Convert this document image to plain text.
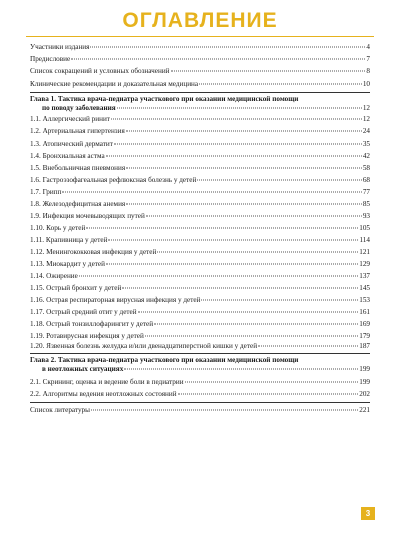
ОГЛАВЛЕНИЕ
Участники издания	4
Предисловие	7
Список сокращений и условных обозначений	8
Клинические рекомендации и доказательная медицина	10
Глава 1. Тактика врача-педиатра участкового при оказании медицинской помощи
по поводу заболевания	12
1.1. Аллергический ринит	12
1.2. Артериальная гипертензия	24
1.3. Атопический дерматит	35
1.4. Бронхиальная астма	42
1.5. Внебольничная пневмония	58
1.6. Гастроэзофагеальная рефлюксная болезнь у детей	68
1.7. Грипп	77
1.8. Железодефицитная анемия	85
1.9. Инфекция мочевыводящих путей	93
1.10. Корь у детей	105
1.11. Крапивница у детей	114
1.12. Менингококковая инфекция у детей	121
1.13. Миокардит у детей	129
1.14. Ожирение	137
1.15. Острый бронхит у детей	145
1.16. Острая респираторная вирусная инфекция у детей	153
1.17. Острый средний отит у детей	161
1.18. Острый тонзиллофарингит у детей	169
1.19. Ротавирусная инфекция у детей	179
1.20. Язвенная болезнь желудка и/или двенадцатиперстной кишки у детей	187
Глава 2. Тактика врача-педиатра участкового при оказании медицинской помощи
в неотложных ситуациях	199
2.1. Скрининг, оценка и ведение боли в педиатрии	199
2.2. Алгоритмы ведения неотложных состояний	202
Список литературы	221
3
